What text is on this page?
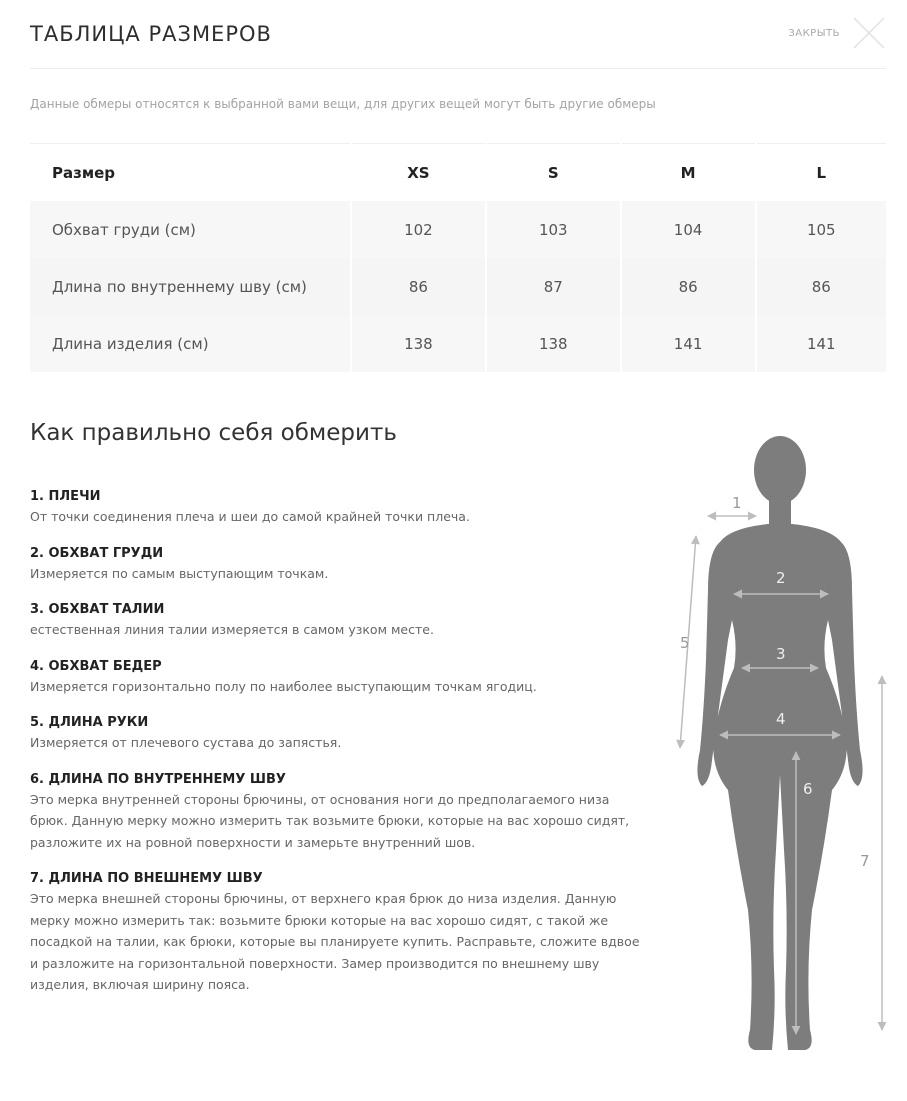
ТАБЛИЦА РАЗМЕРОВ	ЗАКРЫТЬ
Данные обмеры относятся к выбранной вами вещи, для других вещей могут быть другие обмеры
Размер	XS	S	M	L
Обхват груди (см)	102	103	104	105
Длина по внутреннему шву (см)	86	87	86	86
Длина изделия (см)	138	138	141	141
Как правильно себя обмерить
1. ПЛЕЧИ
От точки соединения плеча и шеи до самой крайней точки плеча.
2. ОБХВАТ ГРУДИ
Измеряется по самым выступающим точкам.
3. ОБХВАТ ТАЛИИ
естественная линия талии измеряется в самом узком месте.
4. ОБХВАТ БЕДЕР
Измеряется горизонтально полу по наиболее выступающим точкам ягодиц.
5. ДЛИНА РУКИ
Измеряется от плечевого сустава до запястья.
6. ДЛИНА ПО ВНУТРЕННЕМУ ШВУ
Это мерка внутренней стороны брючины, от основания ноги до предполагаемого низа брюк. Данную мерку можно измерить так возьмите брюки, которые на вас хорошо сидят, разложите их на ровной поверхности и замерьте внутренний шов.
7. ДЛИНА ПО ВНЕШНЕМУ ШВУ
Это мерка внешней стороны брючины, от верхнего края брюк до низа изделия. Данную мерку можно измерить так: возьмите брюки которые на вас хорошо сидят, с такой же посадкой на талии, как брюки, которые вы планируете купить. Расправьте, сложите вдвое и разложите на горизонтальной поверхности. Замер производится по внешнему шву изделия, включая ширину пояса.
1
2
3
4
5
6
7
